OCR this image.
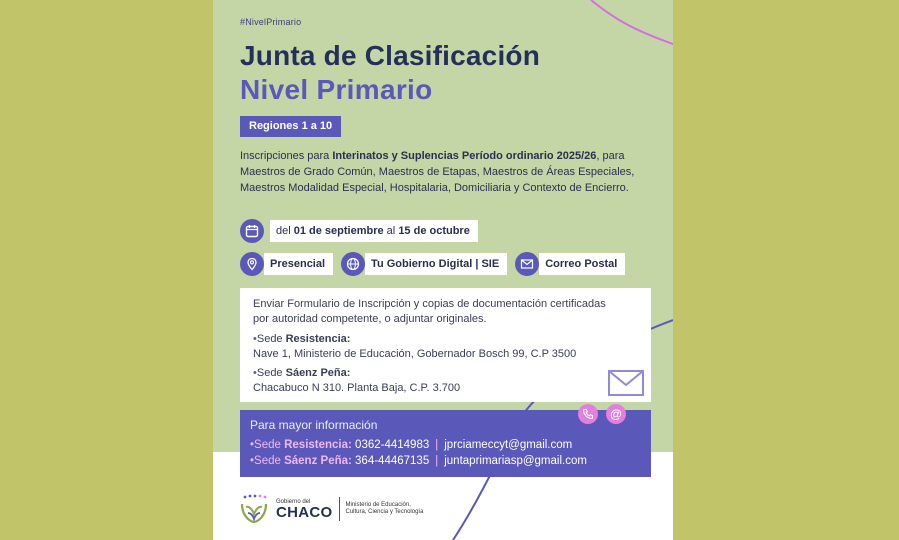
#NivelPrimario
Junta de Clasificación
Nivel Primario
Regiones 1 a 10
Inscripciones para Interinatos y Suplencias Período ordinario 2025/26, para Maestros de Grado Común, Maestros de Etapas, Maestros de Áreas Especiales, Maestros Modalidad Especial, Hospitalaria, Domiciliaria y Contexto de Encierro.
del 01 de septiembre al 15 de octubre
Presencial	Tu Gobierno Digital | SIE	Correo Postal
Enviar Formulario de Inscripción y copias de documentación certificadas por autoridad competente, o adjuntar originales.
•Sede Resistencia:
Nave 1, Ministerio de Educación, Gobernador Bosch 99, C.P 3500
•Sede Sáenz Peña:
Chacabuco N 310. Planta Baja, C.P. 3.700
Para mayor información
•Sede Resistencia: 0362-4414983 | jprciameccyt@gmail.com
•Sede Sáenz Peña: 364-44467135 | juntaprimariasp@gmail.com
@
Gobierno del
CHACO Ministerio de Educación, Cultura, Ciencia y Tecnología
